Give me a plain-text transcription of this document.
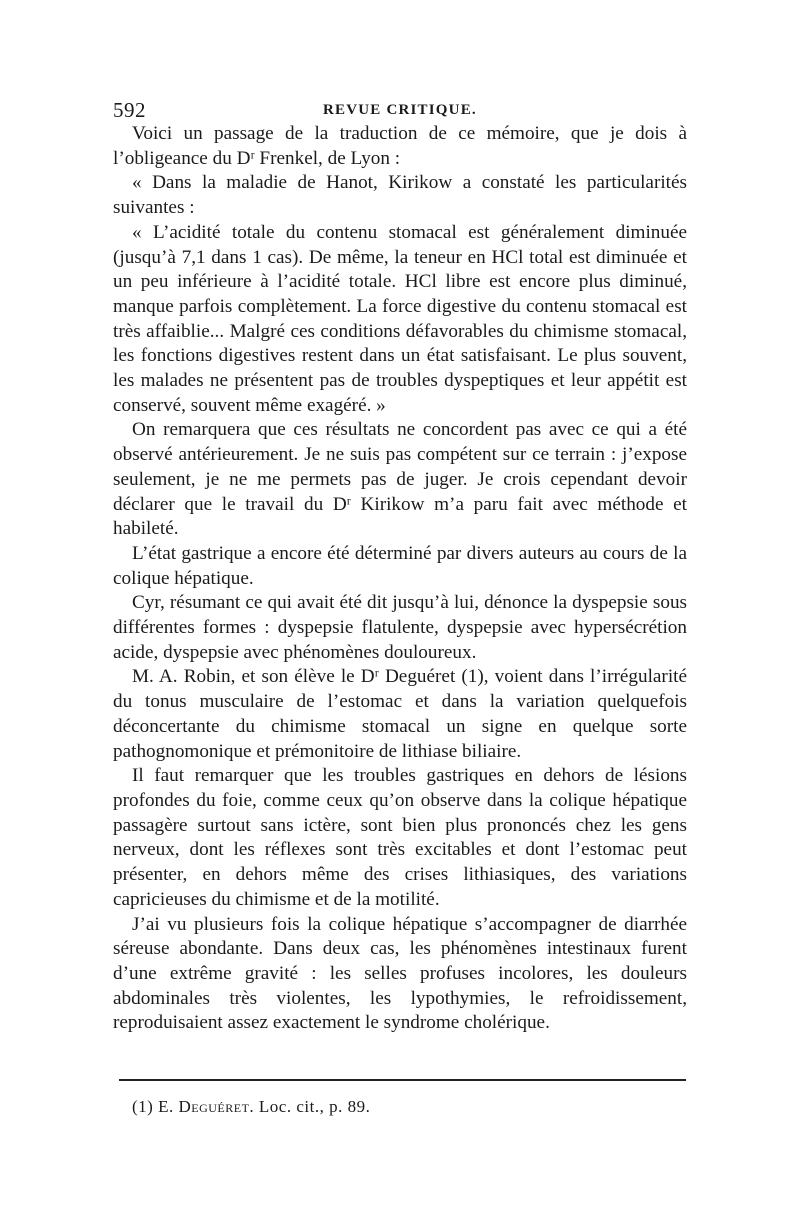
592	REVUE CRITIQUE.

Voici un passage de la traduction de ce mémoire, que je dois à l’obligeance du Dʳ Frenkel, de Lyon :

« Dans la maladie de Hanot, Kirikow a constaté les particularités suivantes :

« L’acidité totale du contenu stomacal est généralement diminuée (jusqu’à 7,1 dans 1 cas). De même, la teneur en HCl total est diminuée et un peu inférieure à l’acidité totale. HCl libre est encore plus diminué, manque parfois complètement. La force digestive du contenu stomacal est très affaiblie... Malgré ces conditions défavorables du chimisme stomacal, les fonctions digestives restent dans un état satisfaisant. Le plus souvent, les malades ne présentent pas de troubles dyspeptiques et leur appétit est conservé, souvent même exagéré. »

On remarquera que ces résultats ne concordent pas avec ce qui a été observé antérieurement. Je ne suis pas compétent sur ce terrain : j’expose seulement, je ne me permets pas de juger. Je crois cependant devoir déclarer que le travail du Dʳ Kirikow m’a paru fait avec méthode et habileté.

L’état gastrique a encore été déterminé par divers auteurs au cours de la colique hépatique.

Cyr, résumant ce qui avait été dit jusqu’à lui, dénonce la dyspepsie sous différentes formes : dyspepsie flatulente, dyspepsie avec hypersécrétion acide, dyspepsie avec phénomènes douloureux.

M. A. Robin, et son élève le Dʳ Deguéret (1), voient dans l’irrégularité du tonus musculaire de l’estomac et dans la variation quelquefois déconcertante du chimisme stomacal un signe en quelque sorte pathognomonique et prémonitoire de lithiase biliaire.

Il faut remarquer que les troubles gastriques en dehors de lésions profondes du foie, comme ceux qu’on observe dans la colique hépatique passagère surtout sans ictère, sont bien plus prononcés chez les gens nerveux, dont les réflexes sont très excitables et dont l’estomac peut présenter, en dehors même des crises lithiasiques, des variations capricieuses du chimisme et de la motilité.

J’ai vu plusieurs fois la colique hépatique s’accompagner de diarrhée séreuse abondante. Dans deux cas, les phénomènes intestinaux furent d’une extrême gravité : les selles profuses incolores, les douleurs abdominales très violentes, les lypothymies, le refroidissement, reproduisaient assez exactement le syndrome cholérique.

(1) E. Deguéret. Loc. cit., p. 89.
